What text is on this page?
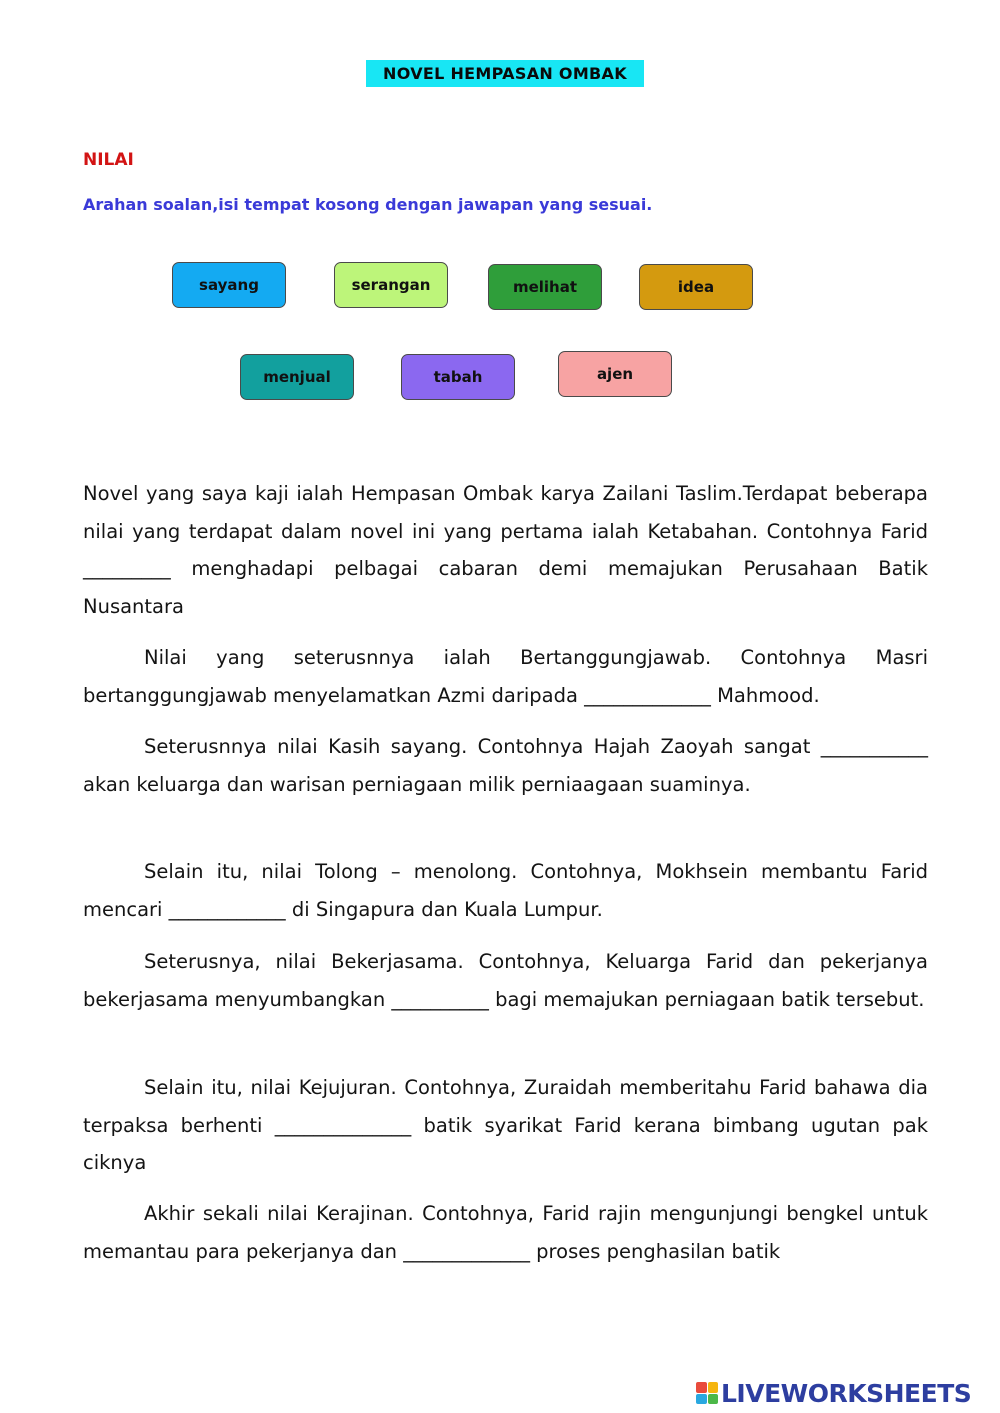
NOVEL HEMPASAN OMBAK
NILAI
Arahan soalan,isi tempat kosong dengan jawapan yang sesuai.
sayang	serangan	melihat	idea
menjual	tabah	ajen
Novel yang saya kaji ialah Hempasan Ombak karya Zailani Taslim.Terdapat beberapa nilai yang terdapat dalam novel ini yang pertama ialah Ketabahan. Contohnya Farid _________ menghadapi pelbagai cabaran demi memajukan Perusahaan Batik Nusantara
Nilai yang seterusnnya ialah Bertanggungjawab. Contohnya Masri bertanggungjawab menyelamatkan Azmi daripada _____________ Mahmood.
Seterusnnya nilai Kasih sayang. Contohnya Hajah Zaoyah sangat ___________ akan keluarga dan warisan perniagaan milik perniaagaan suaminya.
Selain itu, nilai Tolong – menolong. Contohnya, Mokhsein membantu Farid mencari ____________ di Singapura dan Kuala Lumpur.
Seterusnya, nilai Bekerjasama. Contohnya, Keluarga Farid dan pekerjanya bekerjasama menyumbangkan __________ bagi memajukan perniagaan batik tersebut.
Selain itu, nilai Kejujuran. Contohnya, Zuraidah memberitahu Farid bahawa dia terpaksa berhenti ______________ batik syarikat Farid kerana bimbang ugutan pak ciknya
Akhir sekali nilai Kerajinan. Contohnya, Farid rajin mengunjungi bengkel untuk memantau para pekerjanya dan _____________ proses penghasilan batik
LIVEWORKSHEETS
